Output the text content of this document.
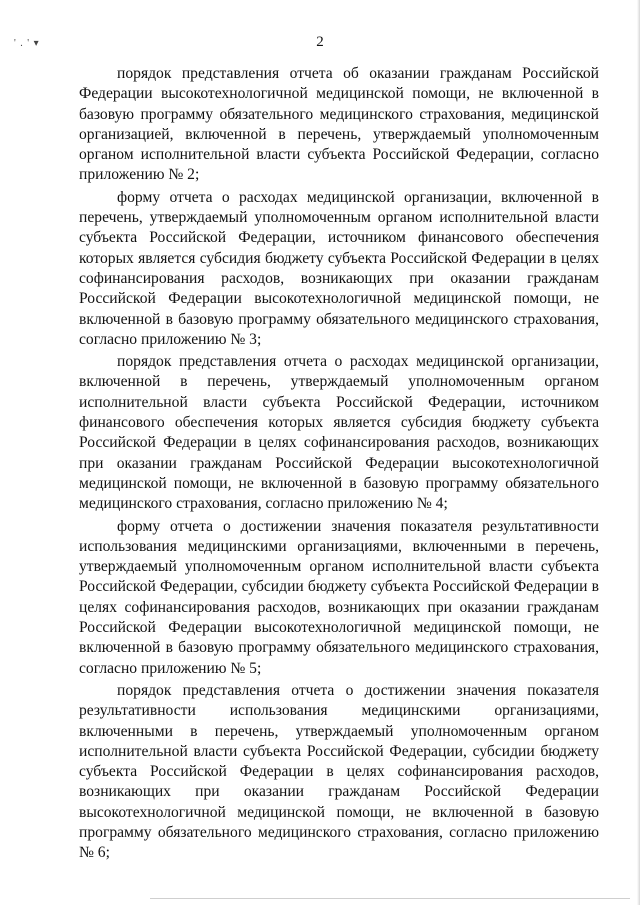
' . ' ▾	2

порядок представления отчета об оказании гражданам Российской Федерации высокотехнологичной медицинской помощи, не включенной в базовую программу обязательного медицинского страхования, медицинской организацией, включенной в перечень, утверждаемый уполномоченным органом исполнительной власти субъекта Российской Федерации, согласно приложению № 2;

форму отчета о расходах медицинской организации, включенной в перечень, утверждаемый уполномоченным органом исполнительной власти субъекта Российской Федерации, источником финансового обеспечения которых является субсидия бюджету субъекта Российской Федерации в целях софинансирования расходов, возникающих при оказании гражданам Российской Федерации высокотехнологичной медицинской помощи, не включенной в базовую программу обязательного медицинского страхования, согласно приложению № 3;

порядок представления отчета о расходах медицинской организации, включенной в перечень, утверждаемый уполномоченным органом исполнительной власти субъекта Российской Федерации, источником финансового обеспечения которых является субсидия бюджету субъекта Российской Федерации в целях софинансирования расходов, возникающих при оказании гражданам Российской Федерации высокотехнологичной медицинской помощи, не включенной в базовую программу обязательного медицинского страхования, согласно приложению № 4;

форму отчета о достижении значения показателя результативности использования медицинскими организациями, включенными в перечень, утверждаемый уполномоченным органом исполнительной власти субъекта Российской Федерации, субсидии бюджету субъекта Российской Федерации в целях софинансирования расходов, возникающих при оказании гражданам Российской Федерации высокотехнологичной медицинской помощи, не включенной в базовую программу обязательного медицинского страхования, согласно приложению № 5;

порядок представления отчета о достижении значения показателя результативности использования медицинскими организациями, включенными в перечень, утверждаемый уполномоченным органом исполнительной власти субъекта Российской Федерации, субсидии бюджету субъекта Российской Федерации в целях софинансирования расходов, возникающих при оказании гражданам Российской Федерации высокотехнологичной медицинской помощи, не включенной в базовую программу обязательного медицинского страхования, согласно приложению № 6;
